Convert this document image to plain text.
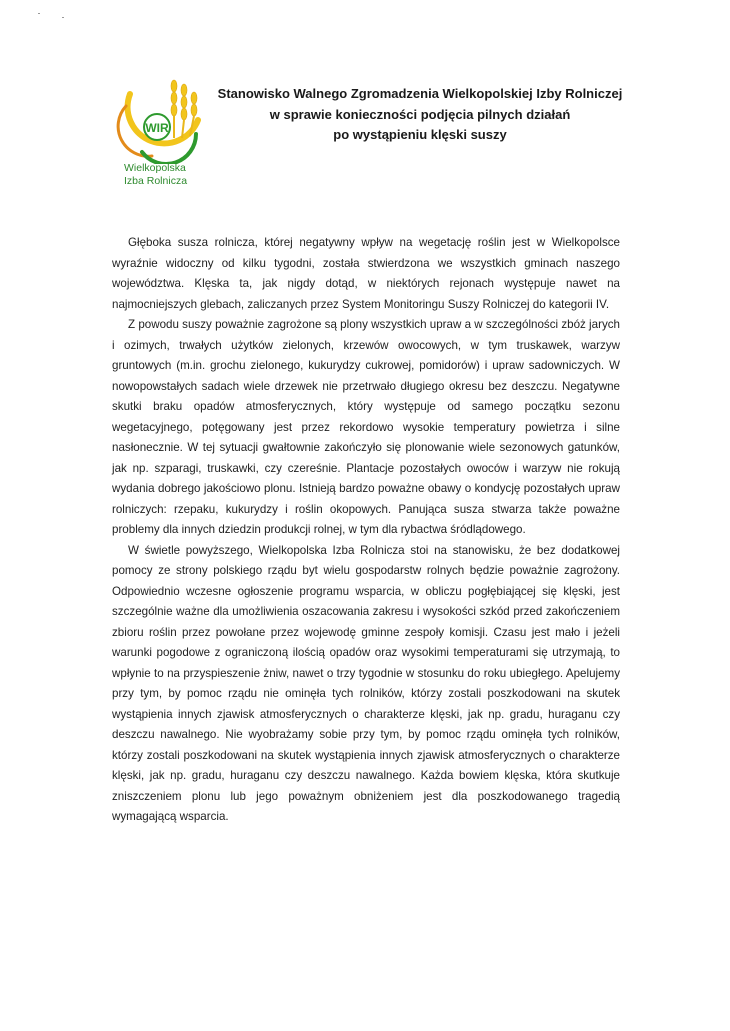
WIR
Wielkopolska
Izba Rolnicza
Stanowisko Walnego Zgromadzenia Wielkopolskiej Izby Rolniczej
w sprawie konieczności podjęcia pilnych działań
po wystąpieniu klęski suszy

Głęboka susza rolnicza, której negatywny wpływ na wegetację roślin jest w Wielkopolsce wyraźnie widoczny od kilku tygodni, została stwierdzona we wszystkich gminach naszego województwa. Klęska ta, jak nigdy dotąd, w niektórych rejonach występuje nawet na najmocniejszych glebach, zaliczanych przez System Monitoringu Suszy Rolniczej do kategorii IV.

Z powodu suszy poważnie zagrożone są plony wszystkich upraw a w szczególności zbóż jarych i ozimych, trwałych użytków zielonych, krzewów owocowych, w tym truskawek, warzyw gruntowych (m.in. grochu zielonego, kukurydzy cukrowej, pomidorów) i upraw sadowniczych. W nowopowstałych sadach wiele drzewek nie przetrwało długiego okresu bez deszczu. Negatywne skutki braku opadów atmosferycznych, który występuje od samego początku sezonu wegetacyjnego, potęgowany jest przez rekordowo wysokie temperatury powietrza i silne nasłonecznie. W tej sytuacji gwałtownie zakończyło się plonowanie wiele sezonowych gatunków, jak np. szparagi, truskawki, czy czereśnie. Plantacje pozostałych owoców i warzyw nie rokują wydania dobrego jakościowo plonu. Istnieją bardzo poważne obawy o kondycję pozostałych upraw rolniczych: rzepaku, kukurydzy i roślin okopowych. Panująca susza stwarza także poważne problemy dla innych dziedzin produkcji rolnej, w tym dla rybactwa śródlądowego.

W świetle powyższego, Wielkopolska Izba Rolnicza stoi na stanowisku, że bez dodatkowej pomocy ze strony polskiego rządu byt wielu gospodarstw rolnych będzie poważnie zagrożony. Odpowiednio wczesne ogłoszenie programu wsparcia, w obliczu pogłębiającej się klęski, jest szczególnie ważne dla umożliwienia oszacowania zakresu i wysokości szkód przed zakończeniem zbioru roślin przez powołane przez wojewodę gminne zespoły komisji. Czasu jest mało i jeżeli warunki pogodowe z ograniczoną ilością opadów oraz wysokimi temperaturami się utrzymają, to wpłynie to na przyspieszenie żniw, nawet o trzy tygodnie w stosunku do roku ubiegłego. Apelujemy przy tym, by pomoc rządu nie ominęła tych rolników, którzy zostali poszkodowani na skutek wystąpienia innych zjawisk atmosferycznych o charakterze klęski, jak np. gradu, huraganu czy deszczu nawalnego. Nie wyobrażamy sobie przy tym, by pomoc rządu ominęła tych rolników, którzy zostali poszkodowani na skutek wystąpienia innych zjawisk atmosferycznych o charakterze klęski, jak np. gradu, huraganu czy deszczu nawalnego. Każda bowiem klęska, która skutkuje zniszczeniem plonu lub jego poważnym obniżeniem jest dla poszkodowanego tragedią wymagającą wsparcia.
